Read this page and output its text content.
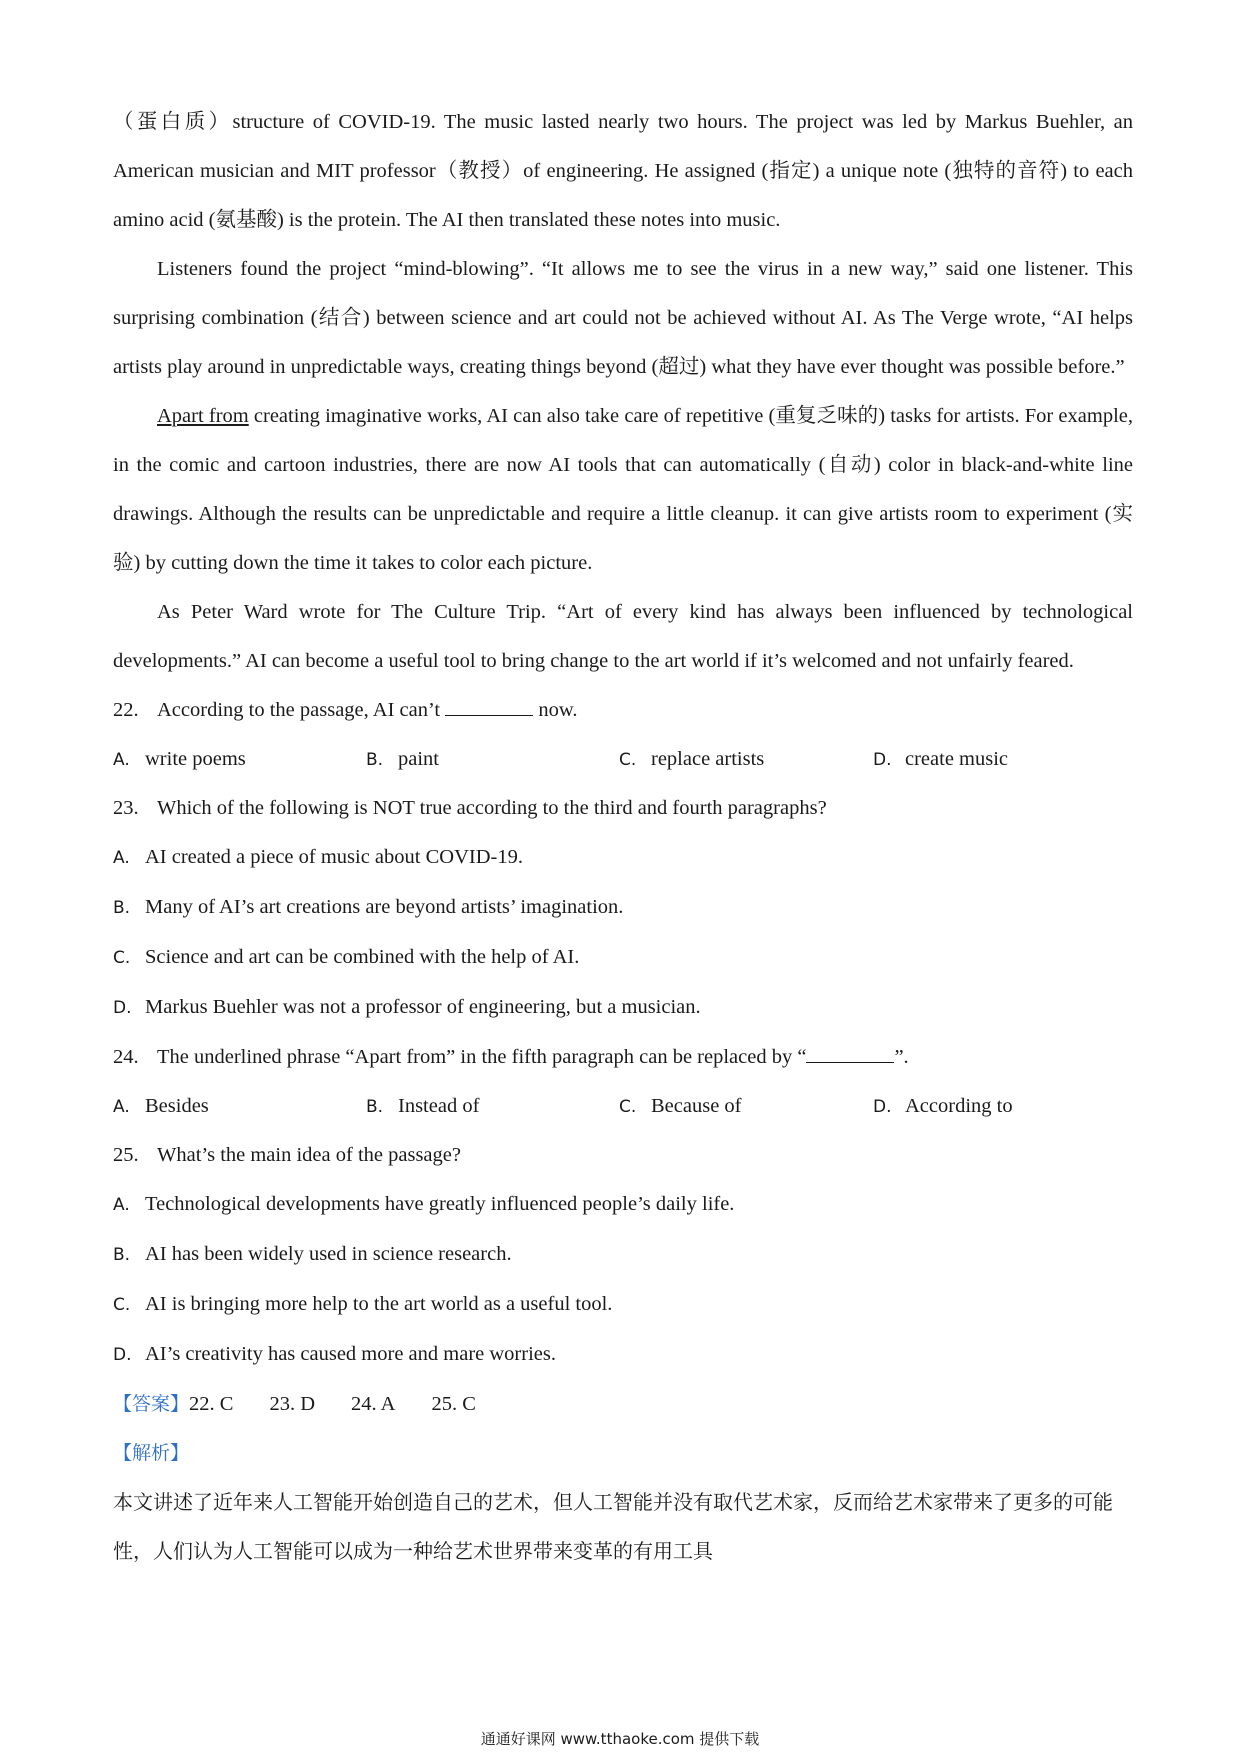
（蛋白质）structure of COVID-19. The music lasted nearly two hours. The project was led by Markus Buehler, an American musician and MIT professor（教授）of engineering. He assigned (指定) a unique note (独特的音符) to each amino acid (氨基酸) is the protein. The AI then translated these notes into music.

Listeners found the project “mind-blowing”. “It allows me to see the virus in a new way,” said one listener. This surprising combination (结合) between science and art could not be achieved without AI. As The Verge wrote, “AI helps artists play around in unpredictable ways, creating things beyond (超过) what they have ever thought was possible before.”

Apart from creating imaginative works, AI can also take care of repetitive (重复乏味的) tasks for artists. For example, in the comic and cartoon industries, there are now AI tools that can automatically (自动) color in black-and-white line drawings. Although the results can be unpredictable and require a little cleanup. it can give artists room to experiment (实验) by cutting down the time it takes to color each picture.

As Peter Ward wrote for The Culture Trip. “Art of every kind has always been influenced by technological developments.” AI can become a useful tool to bring change to the art world if it’s welcomed and not unfairly feared.

22. According to the passage, AI can’t	now.

A. write poems	B. paint	C. replace artists	D. create music

23. Which of the following is NOT true according to the third and fourth paragraphs?

A. AI created a piece of music about COVID-19.

B. Many of AI’s art creations are beyond artists’ imagination.

C. Science and art can be combined with the help of AI.

D. Markus Buehler was not a professor of engineering, but a musician.

24. The underlined phrase “Apart from” in the fifth paragraph can be replaced by “	”.

A. Besides	B. Instead of	C. Because of	D. According to

25. What’s the main idea of the passage?

A. Technological developments have greatly influenced people’s daily life.

B. AI has been widely used in science research.

C. AI is bringing more help to the art world as a useful tool.

D. AI’s creativity has caused more and mare worries.

【答案】22. C 23. D 24. A 25. C

【解析】

本文讲述了近年来人工智能开始创造自己的艺术，但人工智能并没有取代艺术家，反而给艺术家带来了更多的可能性，人们认为人工智能可以成为一种给艺术世界带来变革的有用工具

通通好课网 www.tthaoke.com 提供下载
